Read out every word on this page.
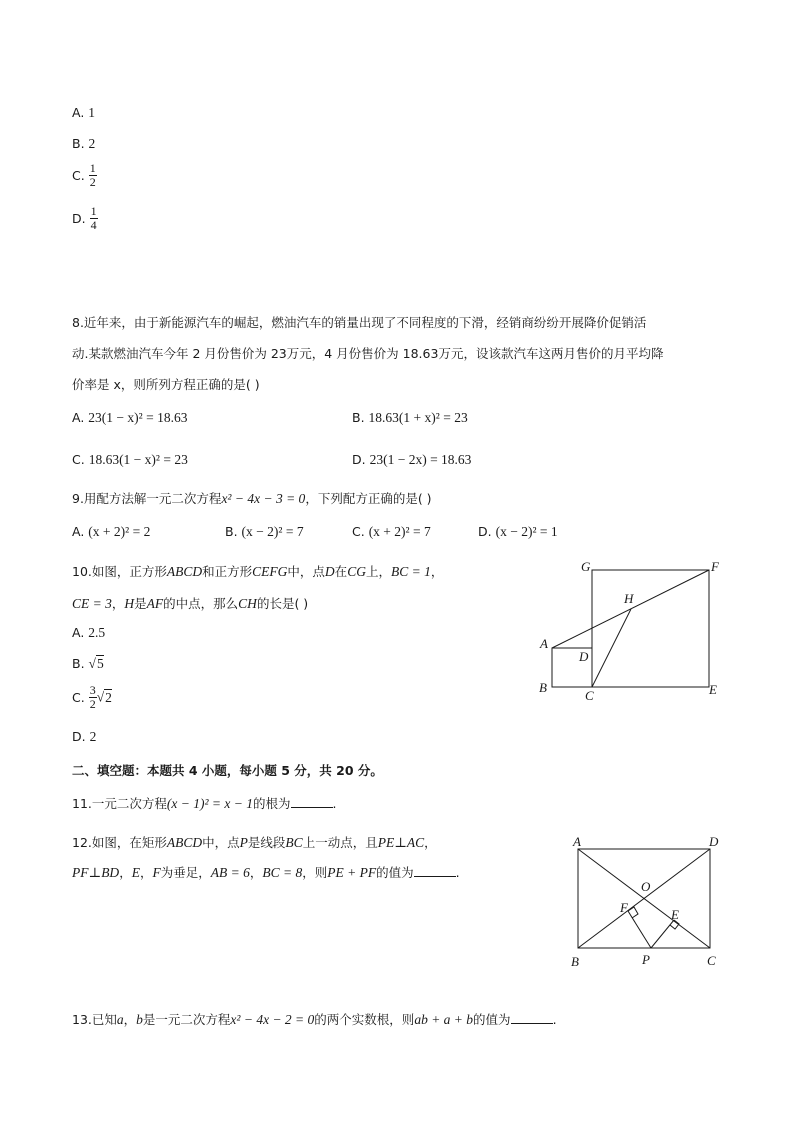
A. 1
B. 2
C. $\frac{1}{2}$
D. $\frac{1}{4}$
8.近年来，由于新能源汽车的崛起，燃油汽车的销量出现了不同程度的下滑，经销商纷纷开展降价促销活
动.某款燃油汽车今年 2 月份售价为 23万元，4 月份售价为 18.63万元，设该款汽车这两月售价的月平均降
价率是 x，则所列方程正确的是( )
A. 23(1 − x)² = 18.63	B. 18.63(1 + x)² = 23
C. 18.63(1 − x)² = 23	D. 23(1 − 2x) = 18.63
9.用配方法解一元二次方程x² − 4x − 3 = 0，下列配方正确的是( )
A. (x + 2)² = 2	B. (x − 2)² = 7	C. (x + 2)² = 7	D. (x − 2)² = 1
10.如图，正方形ABCD和正方形CEFG中，点D在CG上，BC = 1，
CE = 3，H是AF的中点，那么CH的长是( )
A. 2.5
B. √5
C. $\frac{3}{2} √2$
D. 2
G	F
H
A
D
B
C	E
二、填空题：本题共 4 小题，每小题 5 分，共 20 分。
11.一元二次方程(x − 1)² = x − 1的根为	.
12.如图，在矩形ABCD中，点P是线段BC上一动点，且PE⊥AC，
PF⊥BD，E，F为垂足，AB = 6，BC = 8，则PE + PF的值为	.
A	D
O
F	E
B	P	C
13.已知a，b是一元二次方程x² − 4x − 2 = 0的两个实数根，则ab + a + b的值为	.
